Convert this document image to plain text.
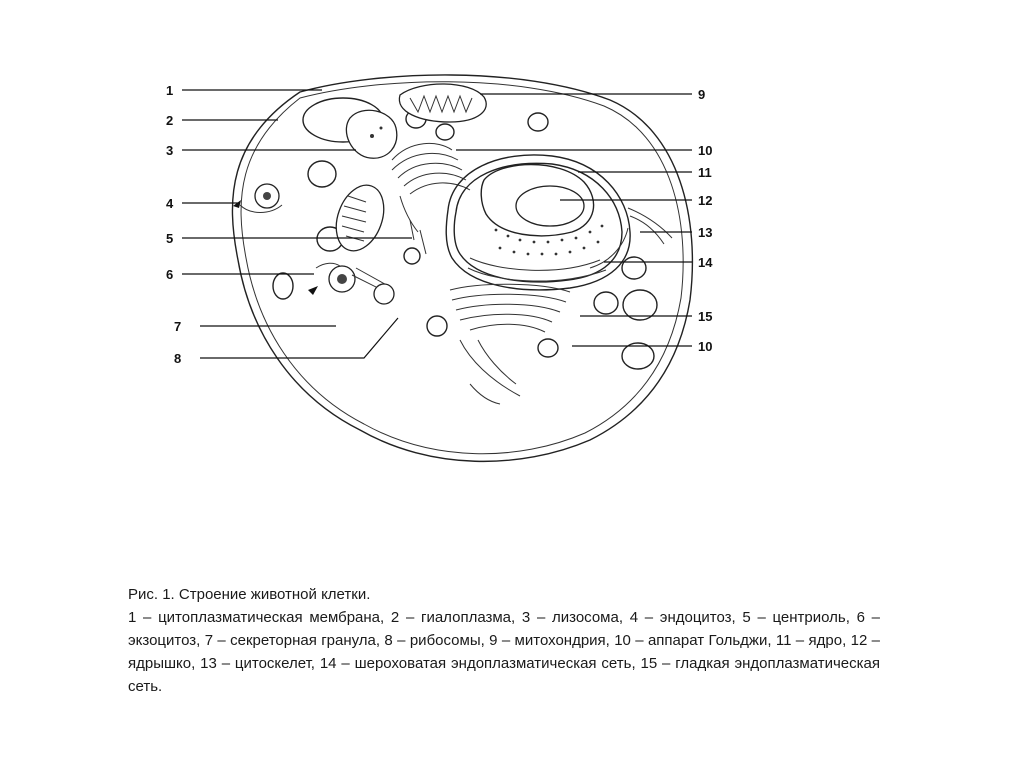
1
2
3
4
5
6
7
8
9
10
11
12
13
14
15
10

Рис. 1. Строение животной клетки.

1 – цитоплазматическая мембрана, 2 – гиалоплазма, 3 – лизосома, 4 – эндоцитоз, 5 – центриоль, 6 – экзоцитоз, 7 – секреторная гранула, 8 – рибосомы, 9 – митохондрия, 10 – аппарат Гольджи, 11 – ядро, 12 – ядрышко, 13 – цитоскелет, 14 – шероховатая эндоплазматическая сеть, 15 – гладкая эндоплазматическая сеть.
